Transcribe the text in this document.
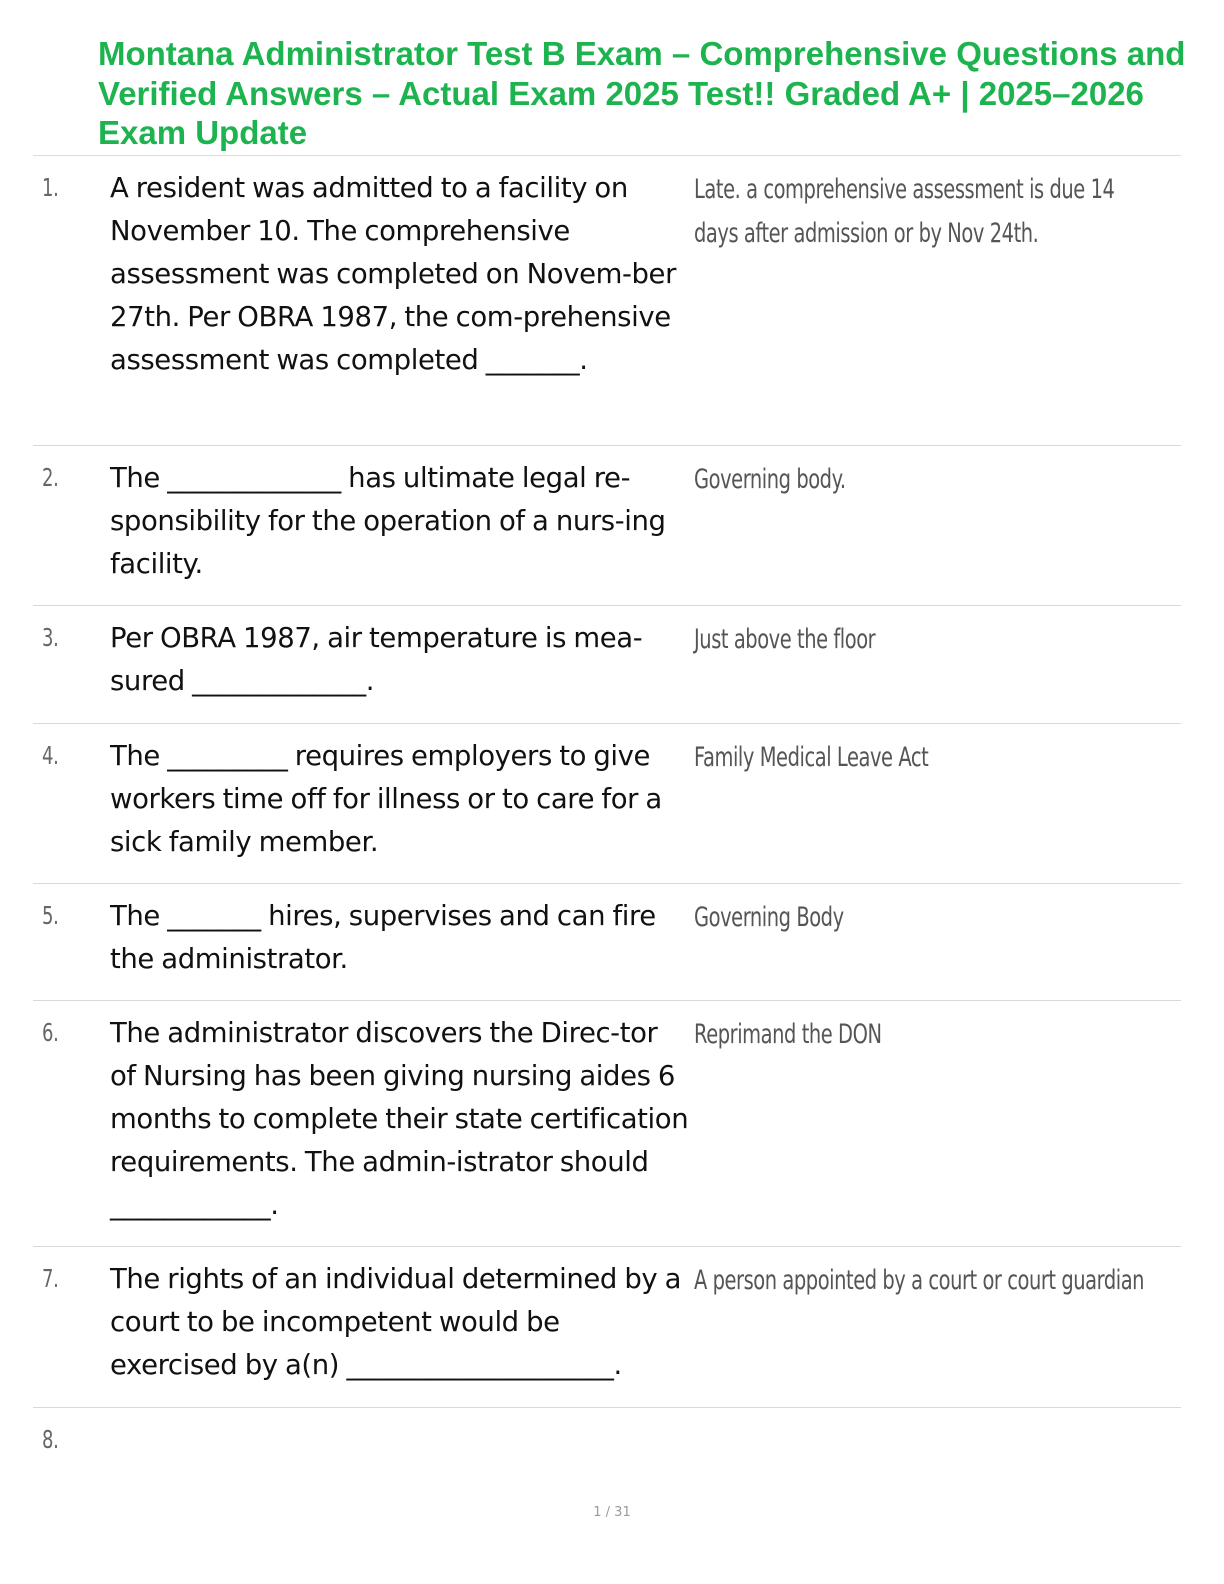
Montana Administrator Test B Exam – Comprehensive Questions and Verified Answers – Actual Exam 2025 Test!! Graded A+ | 2025–2026 Exam Update
1. A resident was admitted to a facility on November 10. The comprehensive assessment was completed on Novem-ber 27th. Per OBRA 1987, the com-prehensive assessment was completed _______.
Late. a comprehensive assessment is due 14
days after admission or by Nov 24th.
2. The _____________ has ultimate legal re-sponsibility for the operation of a nurs-ing facility.
Governing body.
3. Per OBRA 1987, air temperature is mea-sured _____________.
Just above the floor
4. The _________ requires employers to give workers time off for illness or to care for a sick family member.
Family Medical Leave Act
5. The _______ hires, supervises and can fire the administrator.
Governing Body
6. The administrator discovers the Direc-tor of Nursing has been giving nursing aides 6 months to complete their state certification requirements. The admin-istrator should ____________.
Reprimand the DON
7. The rights of an individual determined by a court to be incompetent would be exercised by a(n) ____________________.
A person appointed by a court or court guardian
8.
1 / 31
